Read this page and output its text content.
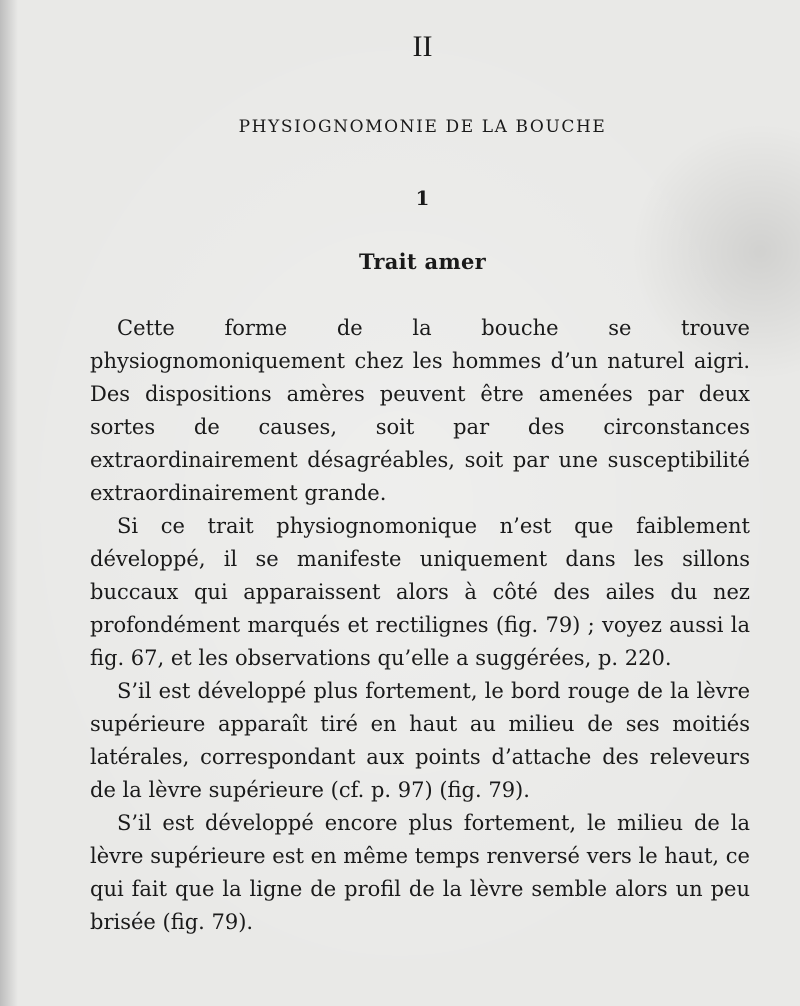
II
PHYSIOGNOMONIE DE LA BOUCHE
1
Trait amer

Cette forme de la bouche se trouve physiognomoniquement chez les hommes d’un naturel aigri. Des dispositions amères peuvent être amenées par deux sortes de causes, soit par des circonstances extraordinairement désagréables, soit par une susceptibilité extraordinairement grande.

Si ce trait physiognomonique n’est que faiblement développé, il se manifeste uniquement dans les sillons buccaux qui apparaissent alors à côté des ailes du nez profondément marqués et rectilignes (fig. 79) ; voyez aussi la fig. 67, et les observations qu’elle a suggérées, p. 220.

S’il est développé plus fortement, le bord rouge de la lèvre supérieure apparaît tiré en haut au milieu de ses moitiés latérales, correspondant aux points d’attache des releveurs de la lèvre supérieure (cf. p. 97) (fig. 79).

S’il est développé encore plus fortement, le milieu de la lèvre supérieure est en même temps renversé vers le haut, ce qui fait que la ligne de profil de la lèvre semble alors un peu brisée (fig. 79).
